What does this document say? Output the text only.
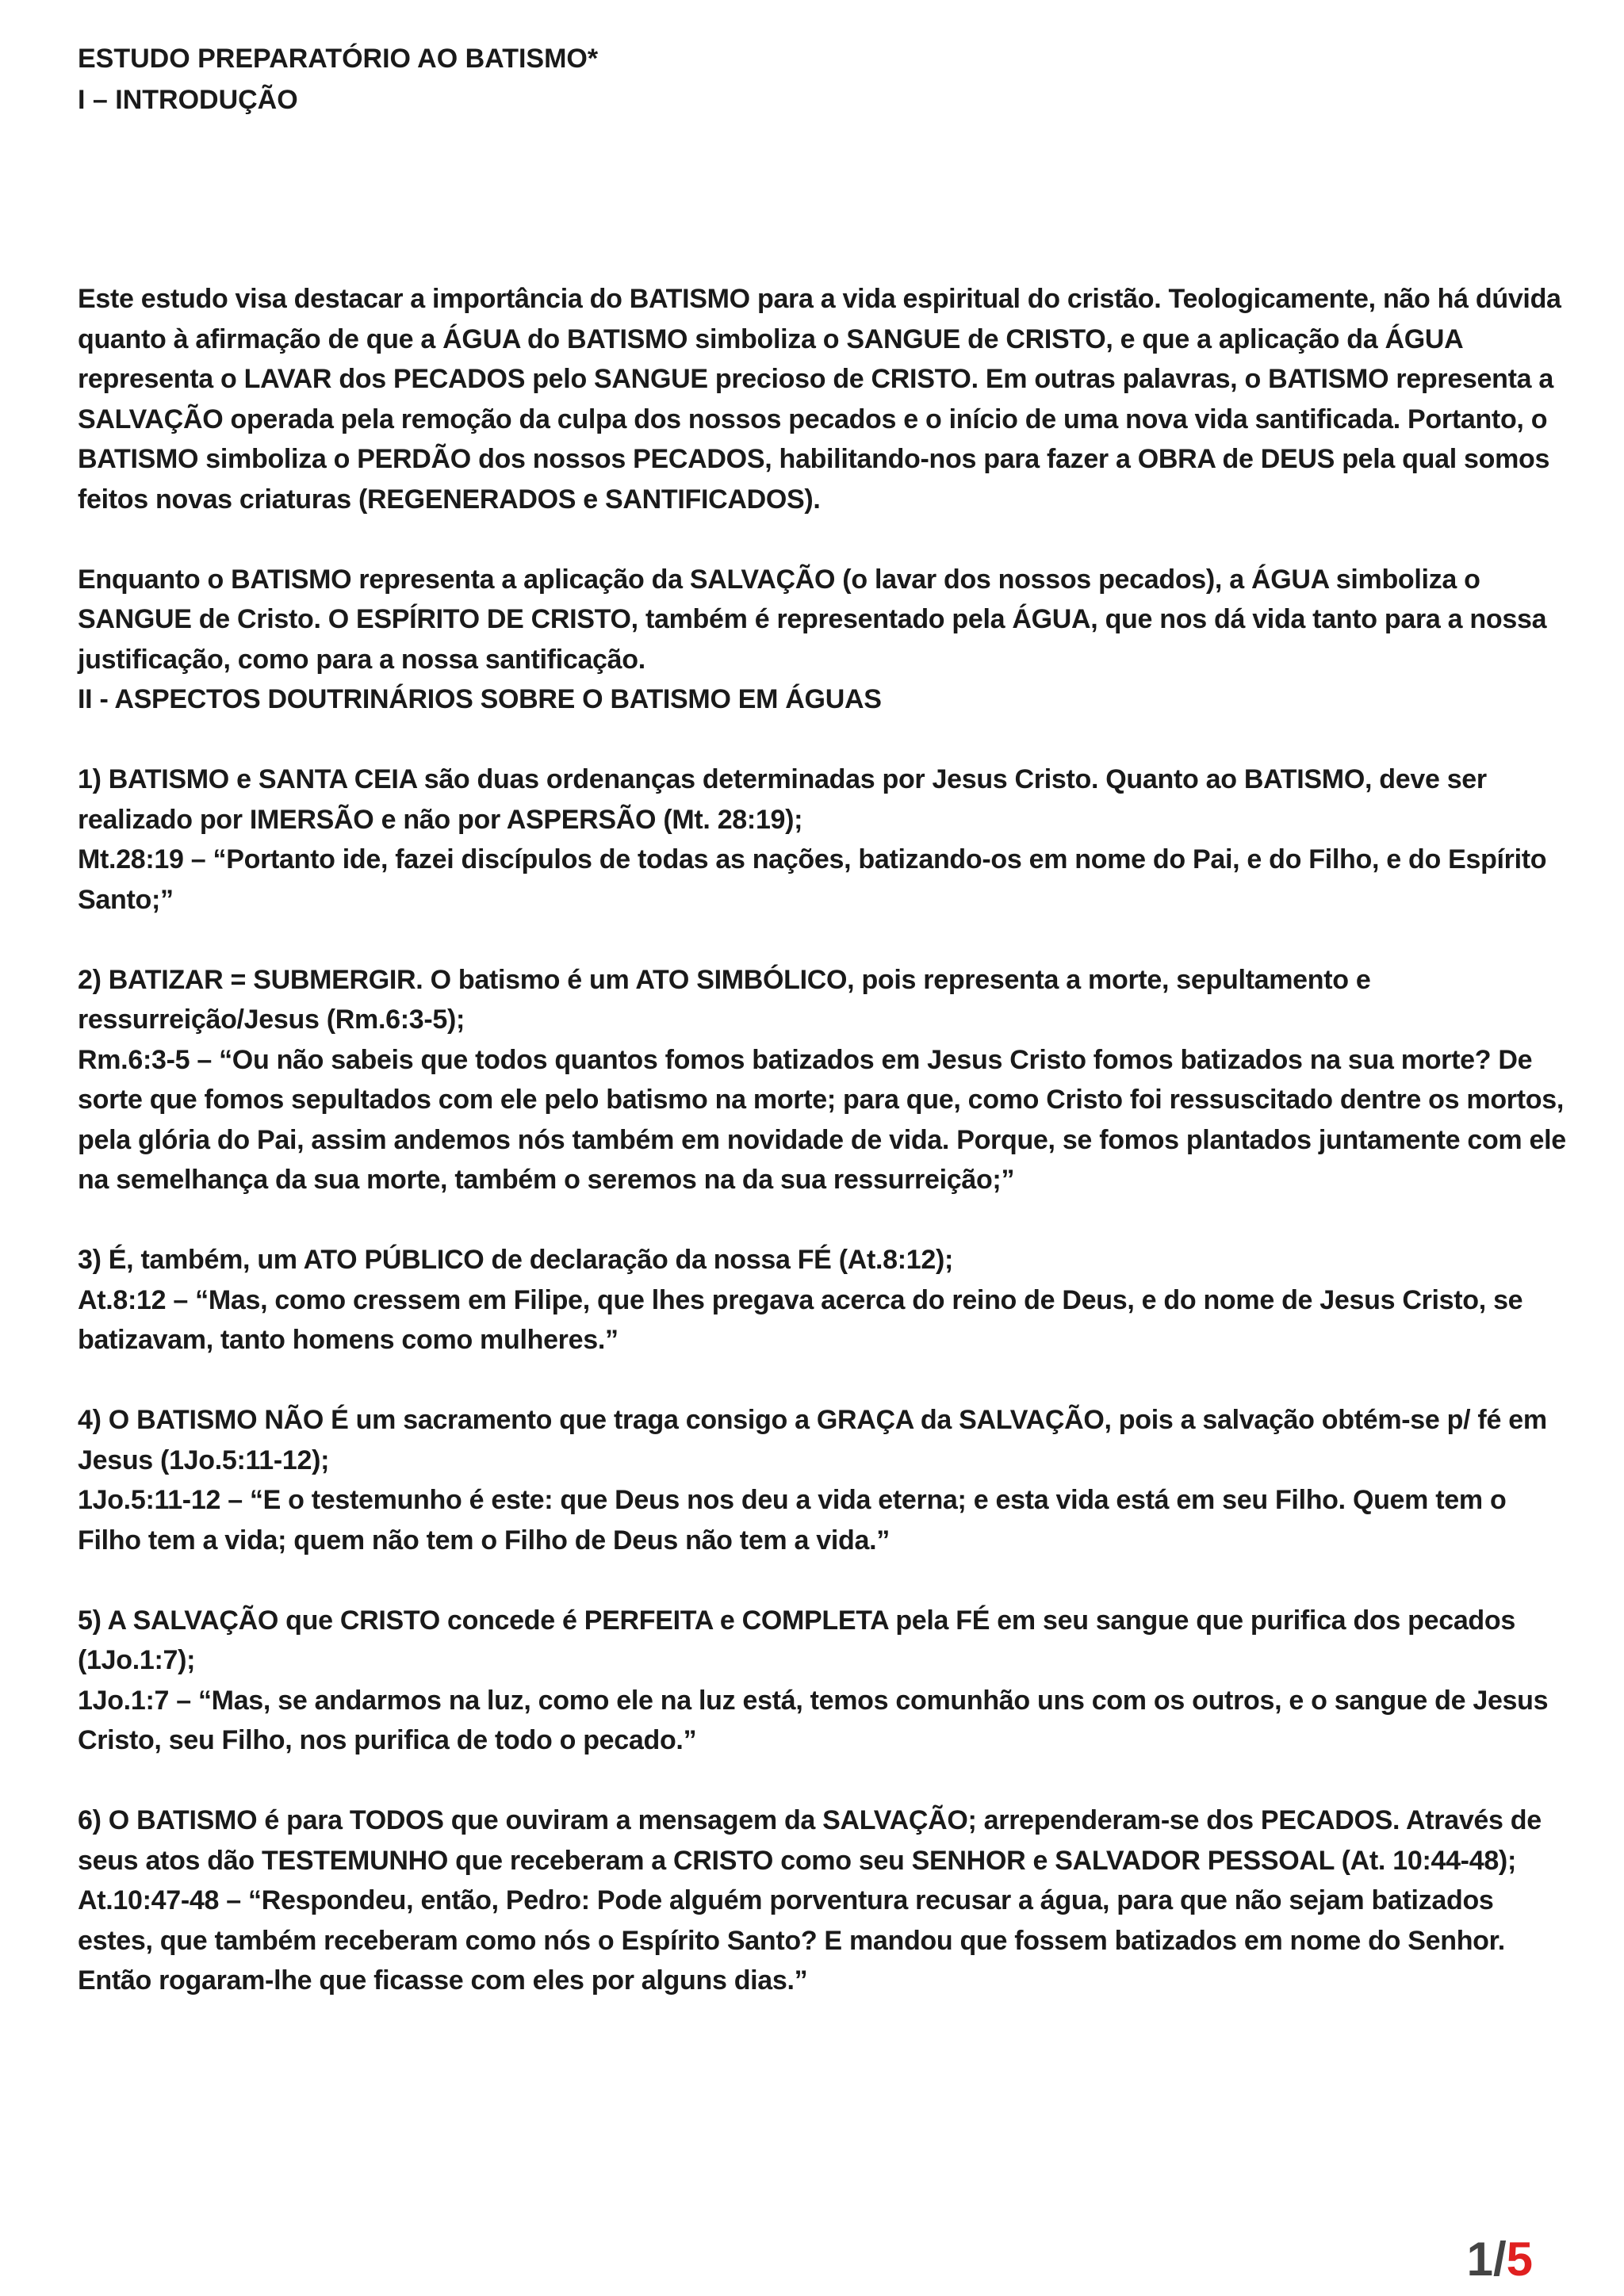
ESTUDO PREPARATÓRIO AO BATISMO*
I – INTRODUÇÃO

Este estudo visa destacar a importância do BATISMO para a vida espiritual do cristão. Teologicamente, não há dúvida quanto à afirmação de que a ÁGUA do BATISMO simboliza o SANGUE de CRISTO, e que a aplicação da ÁGUA representa o LAVAR dos PECADOS pelo SANGUE precioso de CRISTO. Em outras palavras, o BATISMO representa a SALVAÇÃO operada pela remoção da culpa dos nossos pecados e o início de uma nova vida santificada. Portanto, o BATISMO simboliza o PERDÃO dos nossos PECADOS, habilitando-nos para fazer a OBRA de DEUS pela qual somos feitos novas criaturas (REGENERADOS e SANTIFICADOS).

Enquanto o BATISMO representa a aplicação da SALVAÇÃO (o lavar dos nossos pecados), a ÁGUA simboliza o SANGUE de Cristo. O ESPÍRITO DE CRISTO, também é representado pela ÁGUA, que nos dá vida tanto para a nossa justificação, como para a nossa santificação.

II - ASPECTOS DOUTRINÁRIOS SOBRE O BATISMO EM ÁGUAS

1) BATISMO e SANTA CEIA são duas ordenanças determinadas por Jesus Cristo. Quanto ao BATISMO, deve ser realizado por IMERSÃO e não por ASPERSÃO (Mt. 28:19);

Mt.28:19 – “Portanto ide, fazei discípulos de todas as nações, batizando-os em nome do Pai, e do Filho, e do Espírito Santo;”

2) BATIZAR = SUBMERGIR. O batismo é um ATO SIMBÓLICO, pois representa a morte, sepultamento e ressurreição/Jesus (Rm.6:3-5);

Rm.6:3-5 – “Ou não sabeis que todos quantos fomos batizados em Jesus Cristo fomos batizados na sua morte? De sorte que fomos sepultados com ele pelo batismo na morte; para que, como Cristo foi ressuscitado dentre os mortos, pela glória do Pai, assim andemos nós também em novidade de vida. Porque, se fomos plantados juntamente com ele na semelhança da sua morte, também o seremos na da sua ressurreição;”

3) É, também, um ATO PÚBLICO de declaração da nossa FÉ (At.8:12);

At.8:12 – “Mas, como cressem em Filipe, que lhes pregava acerca do reino de Deus, e do nome de Jesus Cristo, se batizavam, tanto homens como mulheres.”

4) O BATISMO NÃO É um sacramento que traga consigo a GRAÇA da SALVAÇÃO, pois a salvação obtém-se p/ fé em Jesus (1Jo.5:11-12);

1Jo.5:11-12 – “E o testemunho é este: que Deus nos deu a vida eterna; e esta vida está em seu Filho. Quem tem o Filho tem a vida; quem não tem o Filho de Deus não tem a vida.”

5) A SALVAÇÃO que CRISTO concede é PERFEITA e COMPLETA pela FÉ em seu sangue que purifica dos pecados (1Jo.1:7);

1Jo.1:7 – “Mas, se andarmos na luz, como ele na luz está, temos comunhão uns com os outros, e o sangue de Jesus Cristo, seu Filho, nos purifica de todo o pecado.”

6) O BATISMO é para TODOS que ouviram a mensagem da SALVAÇÃO; arrependeram-se dos PECADOS. Através de seus atos dão TESTEMUNHO que receberam a CRISTO como seu SENHOR e SALVADOR PESSOAL (At. 10:44-48);

At.10:47-48 – “Respondeu, então, Pedro: Pode alguém porventura recusar a água, para que não sejam batizados estes, que também receberam como nós o Espírito Santo? E mandou que fossem batizados em nome do Senhor. Então rogaram-lhe que ficasse com eles por alguns dias.”

1/5
